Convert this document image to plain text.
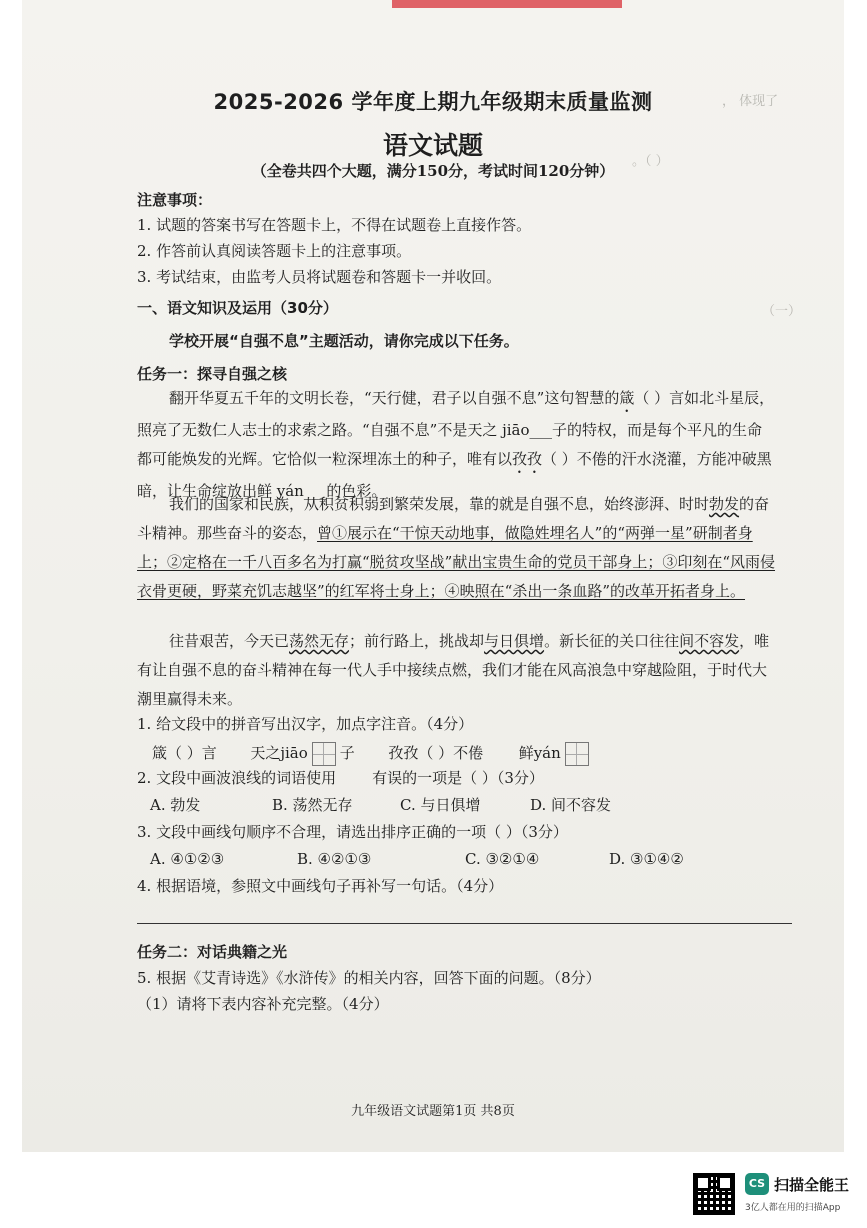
， 体现了
。（ ）
（一）
2025-2026 学年度上期九年级期末质量监测
语文试题
（全卷共四个大题，满分150分，考试时间120分钟）
注意事项：
1. 试题的答案书写在答题卡上，不得在试题卷上直接作答。
2. 作答前认真阅读答题卡上的注意事项。
3. 考试结束，由监考人员将试题卷和答题卡一并收回。
一、语文知识及运用（30分）
学校开展“自强不息”主题活动，请你完成以下任务。
任务一：探寻自强之核
翻开华夏五千年的文明长卷，“天行健，君子以自强不息”这句智慧的箴（ ）言如北斗星辰，照亮了无数仁人志士的求索之路。“自强不息”不是天之 jiāo___子的特权，而是每个平凡的生命都可能焕发的光辉。它恰似一粒深埋冻土的种子，唯有以孜孜（ ）不倦的汗水浇灌，方能冲破黑暗，让生命绽放出鲜 yán___的色彩。
我们的国家和民族，从积贫积弱到繁荣发展，靠的就是自强不息，始终澎湃、时时勃发的奋斗精神。那些奋斗的姿态，曾①展示在“干惊天动地事，做隐姓埋名人”的“两弹一星”研制者身上；②定格在一千八百多名为打赢“脱贫攻坚战”献出宝贵生命的党员干部身上；③印刻在“风雨侵衣骨更硬，野菜充饥志越坚”的红军将士身上；④映照在“杀出一条血路”的改革开拓者身上。
往昔艰苦，今天已荡然无存；前行路上，挑战却与日俱增。新长征的关口往往间不容发，唯有让自强不息的奋斗精神在每一代人手中接续点燃，我们才能在风高浪急中穿越险阻，于时代大潮里赢得未来。
1. 给文段中的拼音写出汉字，加点字注音。（4分）
箴（ ）言 天之jiāo 子 孜孜（ ）不倦 鲜yán
2. 文段中画波浪线的词语使用 有误的一项是（ ）（3分）
A. 勃发	B. 荡然无存	C. 与日俱增	D. 间不容发
3. 文段中画线句顺序不合理，请选出排序正确的一项（ ）（3分）
A. ④①②③	B. ④②①③	C. ③②①④	D. ③①④②
4. 根据语境，参照文中画线句子再补写一句话。（4分）
任务二：对话典籍之光
5. 根据《艾青诗选》《水浒传》的相关内容，回答下面的问题。（8分）
（1）请将下表内容补充完整。（4分）
九年级语文试题第1页 共8页
CS 扫描全能王
3亿人都在用的扫描App
